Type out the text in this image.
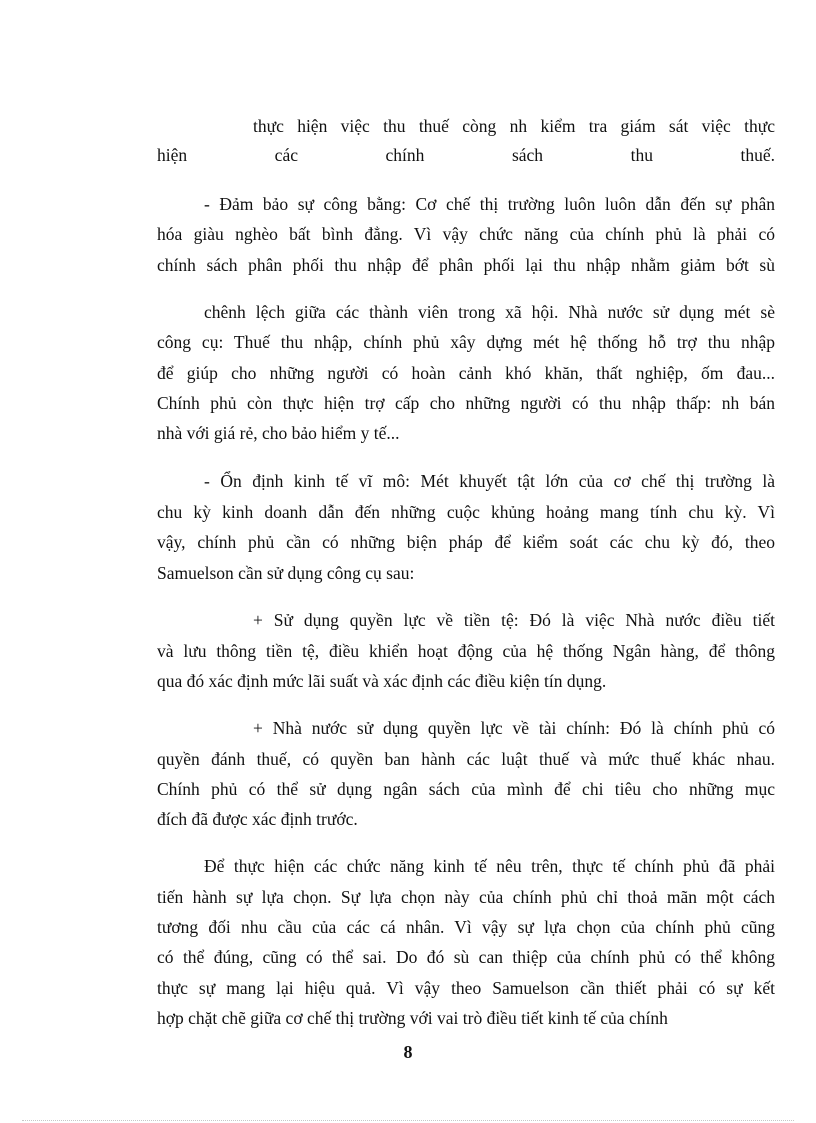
thực hiện việc thu thuế còng nh kiểm tra giám sát việc thực
hiện các chính sách thu thuế.
- Đảm bảo sự công bằng: Cơ chế thị trường luôn luôn dẫn đến sự phân
hóa giàu nghèo bất bình đẳng. Vì vậy chức năng của chính phủ là phải có
chính sách phân phối thu nhập để phân phối lại thu nhập nhằm giảm bớt sù
chênh lệch giữa các thành viên trong xã hội. Nhà nước sử dụng mét sè
công cụ: Thuế thu nhập, chính phủ xây dựng mét hệ thống hỗ trợ thu nhập
để giúp cho những người có hoàn cảnh khó khăn, thất nghiệp, ốm đau...
Chính phủ còn thực hiện trợ cấp cho những người có thu nhập thấp: nh bán
nhà với giá rẻ, cho bảo hiểm y tế...
- Ổn định kinh tế vĩ mô: Mét khuyết tật lớn của cơ chế thị trường là
chu kỳ kinh doanh dẫn đến những cuộc khủng hoảng mang tính chu kỳ. Vì
vậy, chính phủ cần có những biện pháp để kiểm soát các chu kỳ đó, theo
Samuelson cần sử dụng công cụ sau:
+ Sử dụng quyền lực về tiền tệ: Đó là việc Nhà nước điều tiết
và lưu thông tiền tệ, điều khiển hoạt động của hệ thống Ngân hàng, để thông
qua đó xác định mức lãi suất và xác định các điều kiện tín dụng.
+ Nhà nước sử dụng quyền lực về tài chính: Đó là chính phủ có
quyền đánh thuế, có quyền ban hành các luật thuế và mức thuế khác nhau.
Chính phủ có thể sử dụng ngân sách của mình để chi tiêu cho những mục
đích đã được xác định trước.
Để thực hiện các chức năng kinh tế nêu trên, thực tế chính phủ đã phải
tiến hành sự lựa chọn. Sự lựa chọn này của chính phủ chỉ thoả mãn một cách
tương đối nhu cầu của các cá nhân. Vì vậy sự lựa chọn của chính phủ cũng
có thể đúng, cũng có thể sai. Do đó sù can thiệp của chính phủ có thể không
thực sự mang lại hiệu quả. Vì vậy theo Samuelson cần thiết phải có sự kết
hợp chặt chẽ giữa cơ chế thị trường với vai trò điều tiết kinh tế của chính
8
